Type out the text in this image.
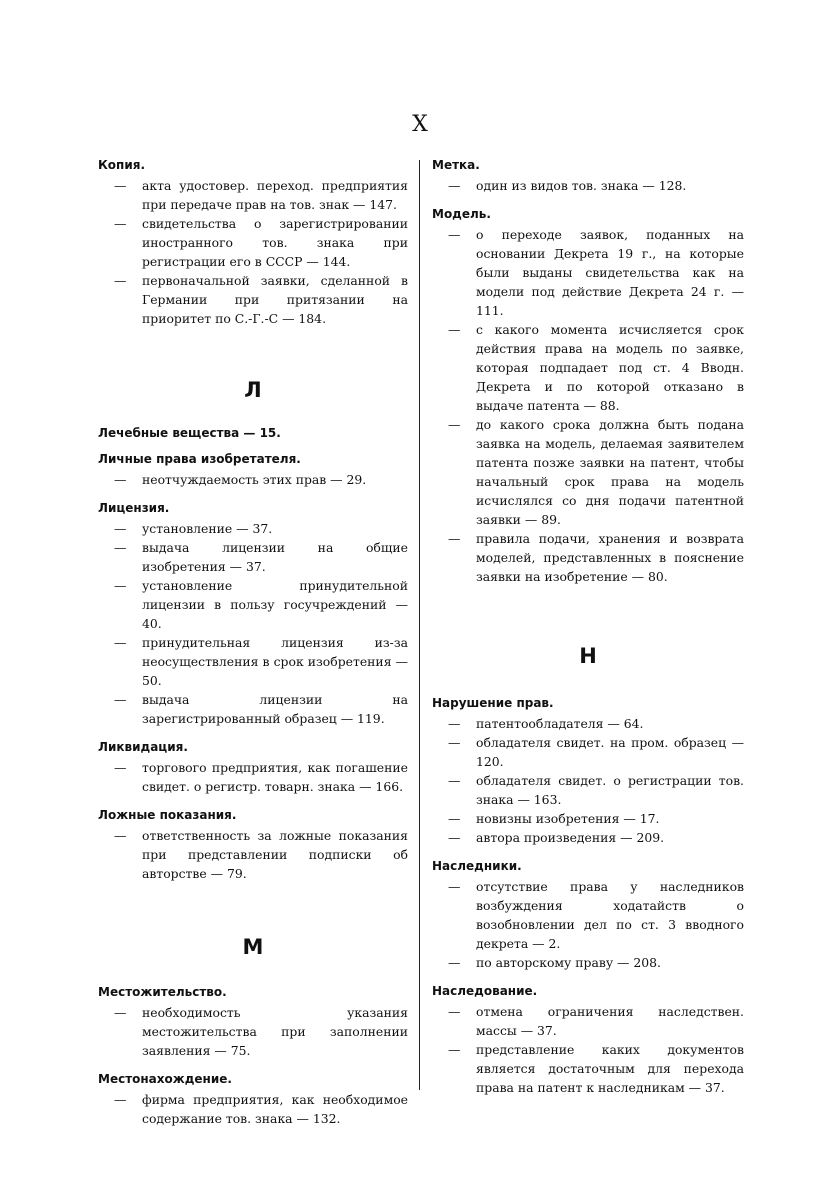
X
Копия.
— акта удостовер. переход. предприятия при передаче прав на тов. знак — 147.
— свидетельства о зарегистрировании иностранного тов. знака при регистрации его в СССР — 144.
— первоначальной заявки, сделанной в Германии при притязании на приоритет по С.-Г.-С — 184.
Л
Лечебные вещества — 15.
Личные права изобретателя.
— неотчуждаемость этих прав — 29.
Лицензия.
— установление — 37.
— выдача лицензии на общие изобретения — 37.
— установление принудительной лицензии в пользу госучреждений — 40.
— принудительная лицензия из-за неосуществления в срок изобретения — 50.
— выдача лицензии на зарегистрированный образец — 119.
Ликвидация.
— торгового предприятия, как погашение свидет. о регистр. товарн. знака — 166.
Ложные показания.
— ответственность за ложные показания при представлении подписки об авторстве — 79.
М
Местожительство.
— необходимость указания местожительства при заполнении заявления — 75.
Местонахождение.
— фирма предприятия, как необходимое содержание тов. знака — 132.
Метка.
— один из видов тов. знака — 128.
Модель.
— о переходе заявок, поданных на основании Декрета 19 г., на которые были выданы свидетельства как на модели под действие Декрета 24 г. — 111.
— с какого момента исчисляется срок действия права на модель по заявке, которая подпадает под ст. 4 Вводн. Декрета и по которой отказано в выдаче патента — 88.
— до какого срока должна быть подана заявка на модель, делаемая заявителем патента позже заявки на патент, чтобы начальный срок права на модель исчислялся со дня подачи патентной заявки — 89.
— правила подачи, хранения и возврата моделей, представленных в пояснение заявки на изобретение — 80.
Н
Нарушение прав.
— патентообладателя — 64.
— обладателя свидет. на пром. образец — 120.
— обладателя свидет. о регистрации тов. знака — 163.
— новизны изобретения — 17.
— автора произведения — 209.
Наследники.
— отсутствие права у наследников возбуждения ходатайств о возобновлении дел по ст. 3 вводного декрета — 2.
— по авторскому праву — 208.
Наследование.
— отмена ограничения наследствен. массы — 37.
— представление каких документов является достаточным для перехода права на патент к наследникам — 37.
